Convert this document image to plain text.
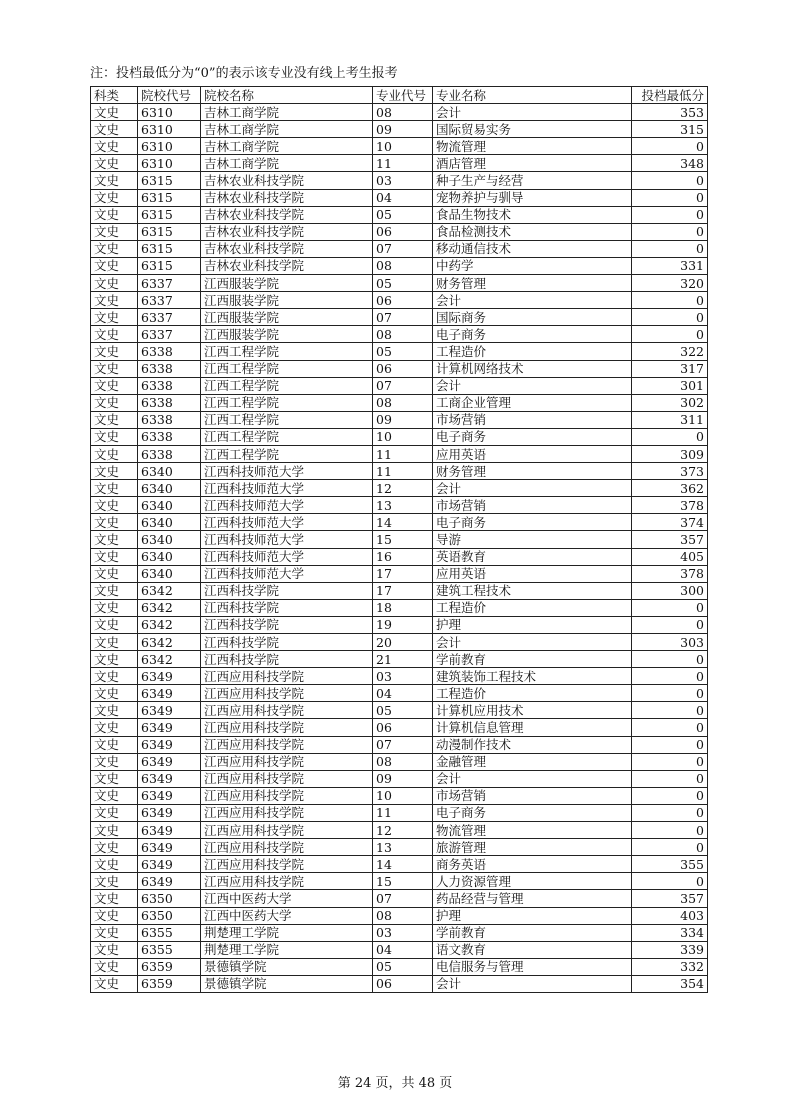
注：投档最低分为“0”的表示该专业没有线上考生报考
科类	院校代号	院校名称	专业代号	专业名称	投档最低分
文史	6310	吉林工商学院	08	会计	353
文史	6310	吉林工商学院	09	国际贸易实务	315
文史	6310	吉林工商学院	10	物流管理	0
文史	6310	吉林工商学院	11	酒店管理	348
文史	6315	吉林农业科技学院	03	种子生产与经营	0
文史	6315	吉林农业科技学院	04	宠物养护与驯导	0
文史	6315	吉林农业科技学院	05	食品生物技术	0
文史	6315	吉林农业科技学院	06	食品检测技术	0
文史	6315	吉林农业科技学院	07	移动通信技术	0
文史	6315	吉林农业科技学院	08	中药学	331
文史	6337	江西服装学院	05	财务管理	320
文史	6337	江西服装学院	06	会计	0
文史	6337	江西服装学院	07	国际商务	0
文史	6337	江西服装学院	08	电子商务	0
文史	6338	江西工程学院	05	工程造价	322
文史	6338	江西工程学院	06	计算机网络技术	317
文史	6338	江西工程学院	07	会计	301
文史	6338	江西工程学院	08	工商企业管理	302
文史	6338	江西工程学院	09	市场营销	311
文史	6338	江西工程学院	10	电子商务	0
文史	6338	江西工程学院	11	应用英语	309
文史	6340	江西科技师范大学	11	财务管理	373
文史	6340	江西科技师范大学	12	会计	362
文史	6340	江西科技师范大学	13	市场营销	378
文史	6340	江西科技师范大学	14	电子商务	374
文史	6340	江西科技师范大学	15	导游	357
文史	6340	江西科技师范大学	16	英语教育	405
文史	6340	江西科技师范大学	17	应用英语	378
文史	6342	江西科技学院	17	建筑工程技术	300
文史	6342	江西科技学院	18	工程造价	0
文史	6342	江西科技学院	19	护理	0
文史	6342	江西科技学院	20	会计	303
文史	6342	江西科技学院	21	学前教育	0
文史	6349	江西应用科技学院	03	建筑装饰工程技术	0
文史	6349	江西应用科技学院	04	工程造价	0
文史	6349	江西应用科技学院	05	计算机应用技术	0
文史	6349	江西应用科技学院	06	计算机信息管理	0
文史	6349	江西应用科技学院	07	动漫制作技术	0
文史	6349	江西应用科技学院	08	金融管理	0
文史	6349	江西应用科技学院	09	会计	0
文史	6349	江西应用科技学院	10	市场营销	0
文史	6349	江西应用科技学院	11	电子商务	0
文史	6349	江西应用科技学院	12	物流管理	0
文史	6349	江西应用科技学院	13	旅游管理	0
文史	6349	江西应用科技学院	14	商务英语	355
文史	6349	江西应用科技学院	15	人力资源管理	0
文史	6350	江西中医药大学	07	药品经营与管理	357
文史	6350	江西中医药大学	08	护理	403
文史	6355	荆楚理工学院	03	学前教育	334
文史	6355	荆楚理工学院	04	语文教育	339
文史	6359	景德镇学院	05	电信服务与管理	332
文史	6359	景德镇学院	06	会计	354
第 24 页，共 48 页
